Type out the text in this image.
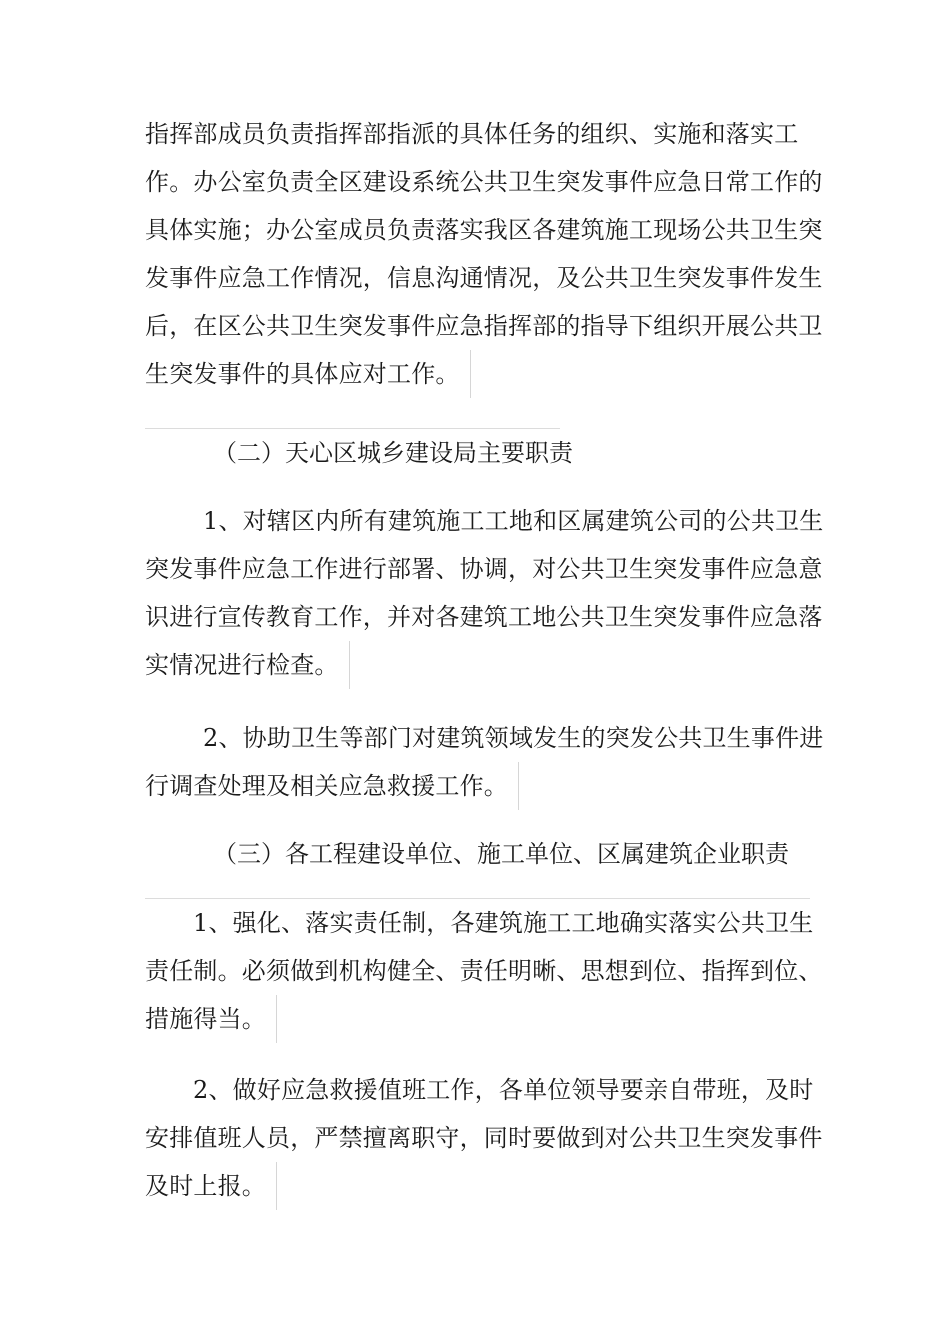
指挥部成员负责指挥部指派的具体任务的组织、实施和落实工
作。办公室负责全区建设系统公共卫生突发事件应急日常工作的
具体实施；办公室成员负责落实我区各建筑施工现场公共卫生突
发事件应急工作情况，信息沟通情况，及公共卫生突发事件发生
后，在区公共卫生突发事件应急指挥部的指导下组织开展公共卫
生突发事件的具体应对工作。
（二）天心区城乡建设局主要职责
1、对辖区内所有建筑施工工地和区属建筑公司的公共卫生
突发事件应急工作进行部署、协调，对公共卫生突发事件应急意
识进行宣传教育工作，并对各建筑工地公共卫生突发事件应急落
实情况进行检查。
2、协助卫生等部门对建筑领域发生的突发公共卫生事件进
行调查处理及相关应急救援工作。
（三）各工程建设单位、施工单位、区属建筑企业职责
1、强化、落实责任制，各建筑施工工地确实落实公共卫生
责任制。必须做到机构健全、责任明晰、思想到位、指挥到位、
措施得当。
2、做好应急救援值班工作，各单位领导要亲自带班，及时
安排值班人员，严禁擅离职守，同时要做到对公共卫生突发事件
及时上报。
